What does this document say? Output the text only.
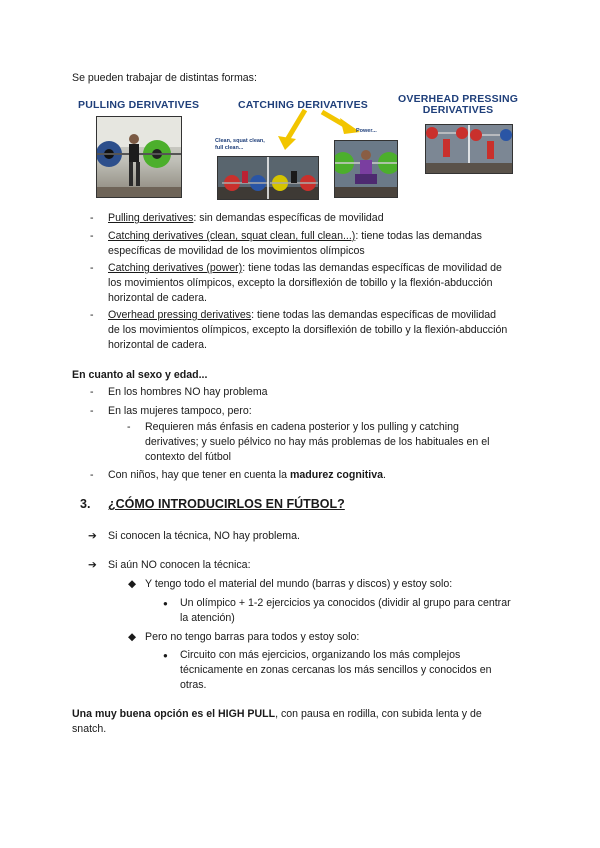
Se pueden trabajar de distintas formas:
PULLING DERIVATIVES	CATCHING DERIVATIVES	OVERHEAD PRESSING
DERIVATIVES
Clean, squat clean,
full clean...
Power...
- Pulling derivatives: sin demandas específicas de movilidad
- Catching derivatives (clean, squat clean, full clean...): tiene todas las demandas
específicas de movilidad de los movimientos olímpicos
- Catching derivatives (power): tiene todas las demandas específicas de movilidad de
los movimientos olímpicos, excepto la dorsiflexión de tobillo y la flexión-abducción
horizontal de cadera.
- Overhead pressing derivatives: tiene todas las demandas específicas de movilidad
de los movimientos olímpicos, excepto la dorsiflexión de tobillo y la flexión-abducción
horizontal de cadera.
En cuanto al sexo y edad...
- En los hombres NO hay problema
- En las mujeres tampoco, pero:
- Requieren más énfasis en cadena posterior y los pulling y catching
derivatives; y suelo pélvico no hay más problemas de los habituales en el
contexto del fútbol
- Con niños, hay que tener en cuenta la madurez cognitiva.
3. ¿CÓMO INTRODUCIRLOS EN FÚTBOL?
➔ Si conocen la técnica, NO hay problema.
➔ Si aún NO conocen la técnica:
◆ Y tengo todo el material del mundo (barras y discos) y estoy solo:
● Un olímpico + 1-2 ejercicios ya conocidos (dividir al grupo para centrar
la atención)
◆ Pero no tengo barras para todos y estoy solo:
● Circuito con más ejercicios, organizando los más complejos
técnicamente en zonas cercanas los más sencillos y conocidos en
otras.
Una muy buena opción es el HIGH PULL, con pausa en rodilla, con subida lenta y de
snatch.
